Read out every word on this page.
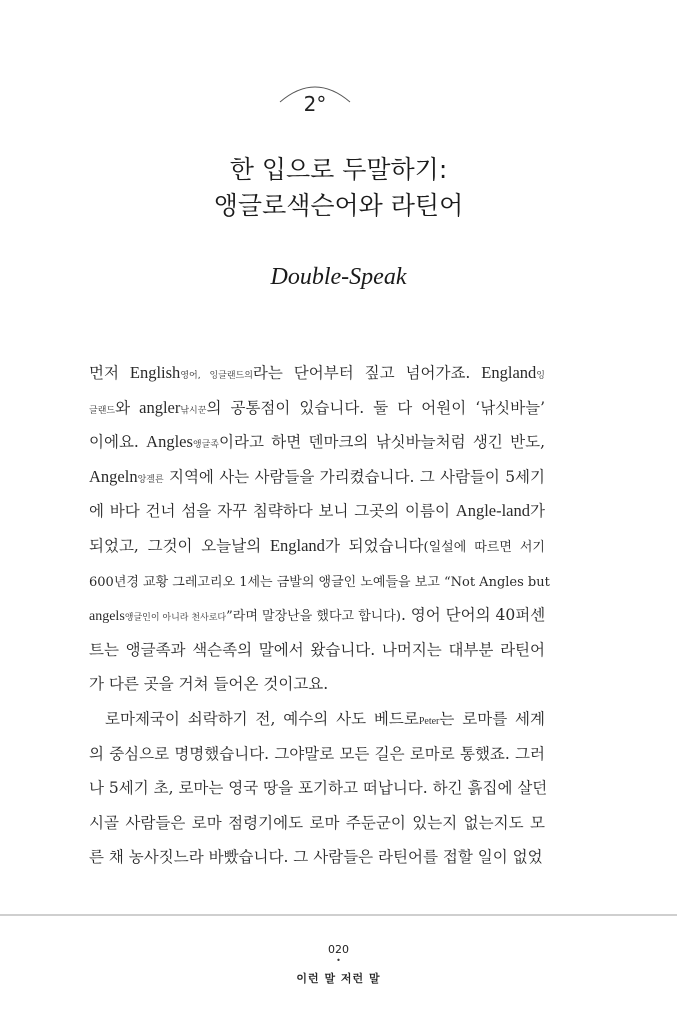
2°
한 입으로 두말하기:
앵글로색슨어와 라틴어
Double-Speak
먼저 English영어, 잉글랜드의라는 단어부터 짚고 넘어가죠. England잉
글랜드와 angler낚시꾼의 공통점이 있습니다. 둘 다 어원이 ‘낚싯바늘’
이에요. Angles앵글족이라고 하면 덴마크의 낚싯바늘처럼 생긴 반도,
Angeln앙겔른 지역에 사는 사람들을 가리켰습니다. 그 사람들이 5세기
에 바다 건너 섬을 자꾸 침략하다 보니 그곳의 이름이 Angle-land가
되었고, 그것이 오늘날의 England가 되었습니다(일설에 따르면 서기
600년경 교황 그레고리오 1세는 금발의 앵글인 노예들을 보고 “Not Angles but
angels앵글인이 아니라 천사로다”라며 말장난을 했다고 합니다). 영어 단어의 40퍼센
트는 앵글족과 색슨족의 말에서 왔습니다. 나머지는 대부분 라틴어
가 다른 곳을 거쳐 들어온 것이고요.
로마제국이 쇠락하기 전, 예수의 사도 베드로Peter는 로마를 세계
의 중심으로 명명했습니다. 그야말로 모든 길은 로마로 통했죠. 그러
나 5세기 초, 로마는 영국 땅을 포기하고 떠납니다. 하긴 흙집에 살던
시골 사람들은 로마 점령기에도 로마 주둔군이 있는지 없는지도 모
른 채 농사짓느라 바빴습니다. 그 사람들은 라틴어를 접할 일이 없었
020
•
이런 말 저런 말
